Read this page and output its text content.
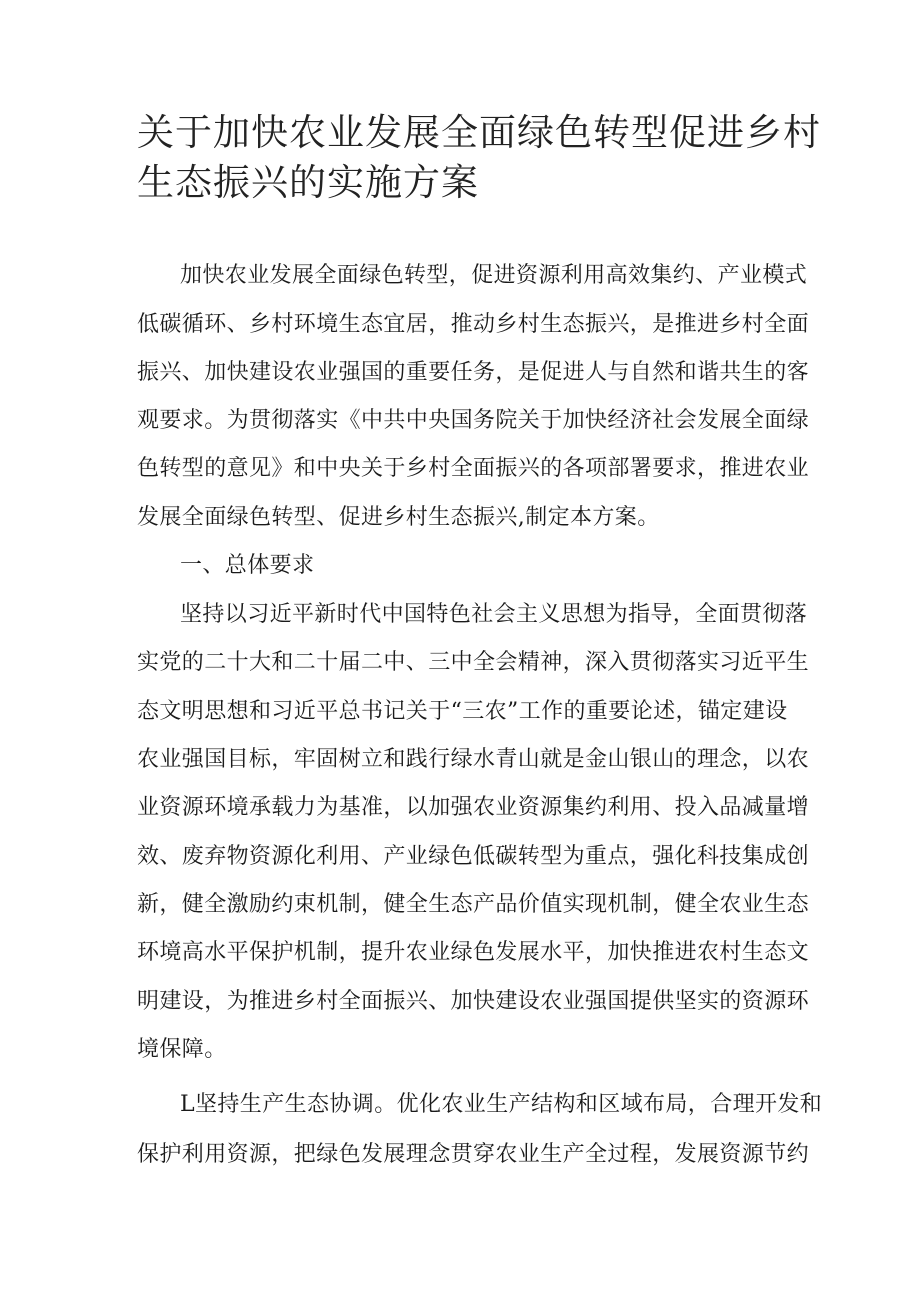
关于加快农业发展全面绿色转型促进乡村
生态振兴的实施方案
加快农业发展全面绿色转型，促进资源利用高效集约、产业模式
低碳循环、乡村环境生态宜居，推动乡村生态振兴，是推进乡村全面
振兴、加快建设农业强国的重要任务，是促进人与自然和谐共生的客
观要求。为贯彻落实《中共中央国务院关于加快经济社会发展全面绿
色转型的意见》和中央关于乡村全面振兴的各项部署要求，推进农业
发展全面绿色转型、促进乡村生态振兴,制定本方案。
一、总体要求
坚持以习近平新时代中国特色社会主义思想为指导，全面贯彻落
实党的二十大和二十届二中、三中全会精神，深入贯彻落实习近平生
态文明思想和习近平总书记关于“三农”工作的重要论述，锚定建设
农业强国目标，牢固树立和践行绿水青山就是金山银山的理念，以农
业资源环境承载力为基准，以加强农业资源集约利用、投入品减量增
效、废弃物资源化利用、产业绿色低碳转型为重点，强化科技集成创
新，健全激励约束机制，健全生态产品价值实现机制，健全农业生态
环境高水平保护机制，提升农业绿色发展水平，加快推进农村生态文
明建设，为推进乡村全面振兴、加快建设农业强国提供坚实的资源环
境保障。
L坚持生产生态协调。优化农业生产结构和区域布局，合理开发和
保护利用资源，把绿色发展理念贯穿农业生产全过程，发展资源节约
